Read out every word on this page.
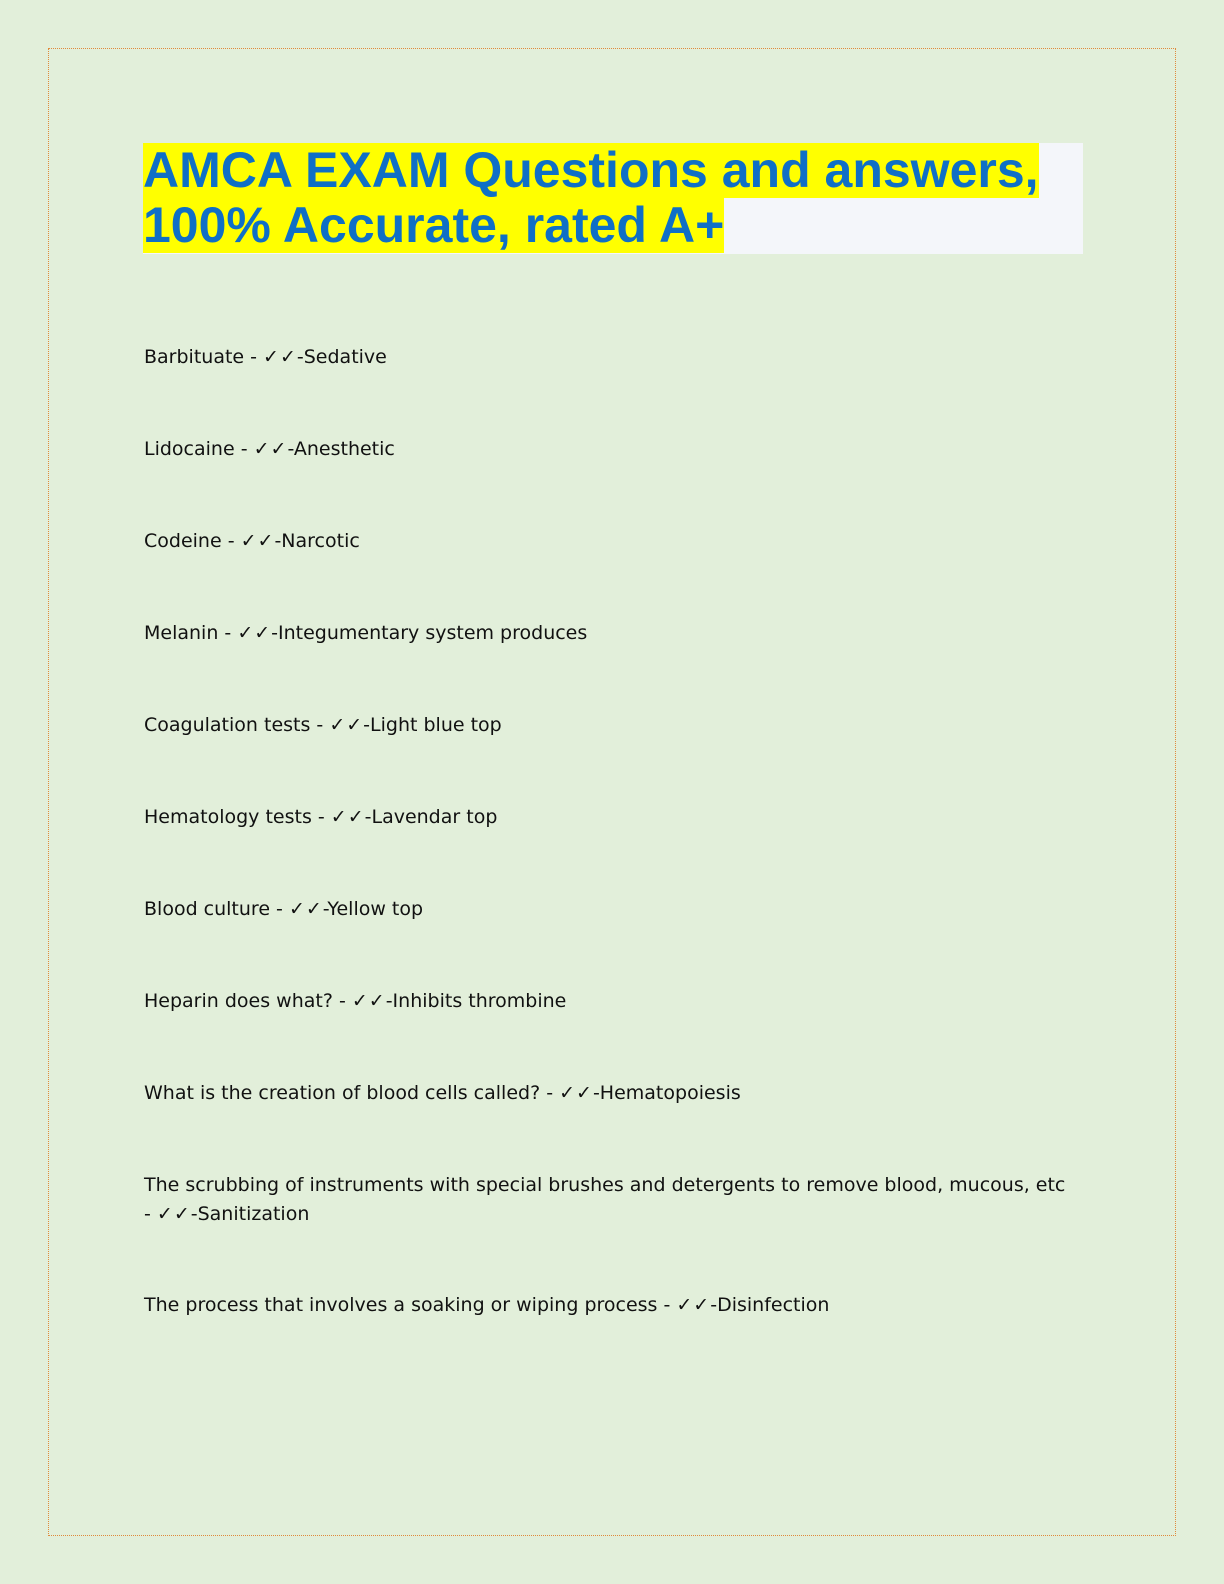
AMCA EXAM Questions and answers,
100% Accurate, rated A+
Barbituate - ✓✓-Sedative
Lidocaine - ✓✓-Anesthetic
Codeine - ✓✓-Narcotic
Melanin - ✓✓-Integumentary system produces
Coagulation tests - ✓✓-Light blue top
Hematology tests - ✓✓-Lavendar top
Blood culture - ✓✓-Yellow top
Heparin does what? - ✓✓-Inhibits thrombine
What is the creation of blood cells called? - ✓✓-Hematopoiesis
The scrubbing of instruments with special brushes and detergents to remove blood, mucous, etc - ✓✓-Sanitization
The process that involves a soaking or wiping process - ✓✓-Disinfection
